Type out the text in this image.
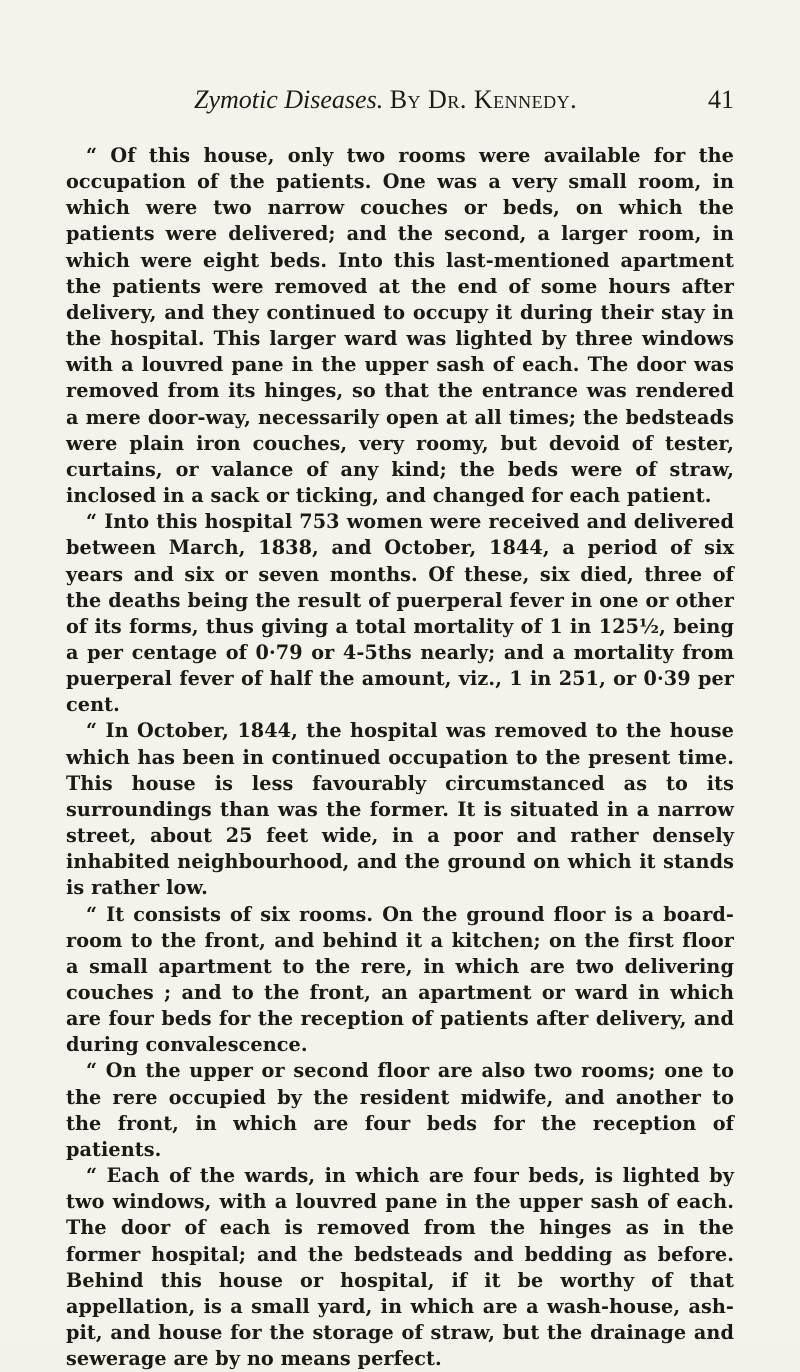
Zymotic Diseases. By Dr. Kennedy.	41

“ Of this house, only two rooms were available for the occupation of the patients. One was a very small room, in which were two narrow couches or beds, on which the patients were delivered; and the second, a larger room, in which were eight beds. Into this last-mentioned apartment the patients were removed at the end of some hours after delivery, and they continued to occupy it during their stay in the hospital. This larger ward was lighted by three windows with a louvred pane in the upper sash of each. The door was removed from its hinges, so that the entrance was rendered a mere door-way, necessarily open at all times; the bedsteads were plain iron couches, very roomy, but devoid of tester, curtains, or valance of any kind; the beds were of straw, inclosed in a sack or ticking, and changed for each patient.

“ Into this hospital 753 women were received and delivered between March, 1838, and October, 1844, a period of six years and six or seven months. Of these, six died, three of the deaths being the result of puerperal fever in one or other of its forms, thus giving a total mortality of 1 in 125½, being a per centage of 0·79 or 4-5ths nearly; and a mortality from puerperal fever of half the amount, viz., 1 in 251, or 0·39 per cent.

“ In October, 1844, the hospital was removed to the house which has been in continued occupation to the present time. This house is less favourably circumstanced as to its surroundings than was the former. It is situated in a narrow street, about 25 feet wide, in a poor and rather densely inhabited neighbourhood, and the ground on which it stands is rather low.

“ It consists of six rooms. On the ground floor is a board-room to the front, and behind it a kitchen; on the first floor a small apartment to the rere, in which are two delivering couches ; and to the front, an apartment or ward in which are four beds for the reception of patients after delivery, and during convalescence.

“ On the upper or second floor are also two rooms; one to the rere occupied by the resident midwife, and another to the front, in which are four beds for the reception of patients.

“ Each of the wards, in which are four beds, is lighted by two windows, with a louvred pane in the upper sash of each. The door of each is removed from the hinges as in the former hospital; and the bedsteads and bedding as before. Behind this house or hospital, if it be worthy of that appellation, is a small yard, in which are a wash-house, ash-pit, and house for the storage of straw, but the drainage and sewerage are by no means perfect.
